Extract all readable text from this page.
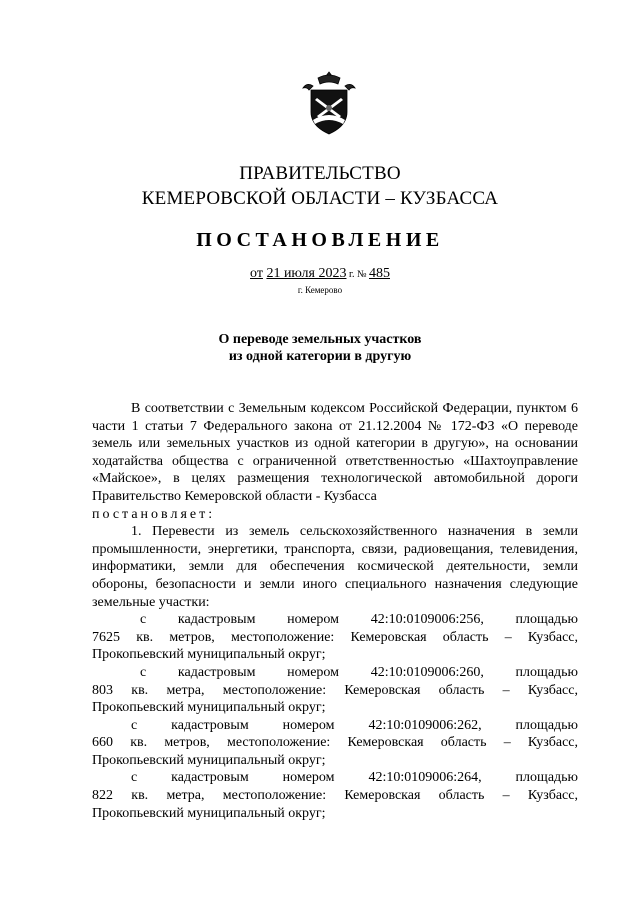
ПРАВИТЕЛЬСТВО
КЕМЕРОВСКОЙ ОБЛАСТИ – КУЗБАССА
ПОСТАНОВЛЕНИЕ
от 21 июля 2023 г. № 485
г. Кемерово
О переводе земельных участков
из одной категории в другую

В соответствии с Земельным кодексом Российской Федерации, пунктом 6 части 1 статьи 7 Федерального закона от 21.12.2004 № 172-ФЗ «О переводе земель или земельных участков из одной категории в другую», на основании ходатайства общества с ограниченной ответственностью «Шахтоуправление «Майское», в целях размещения технологической автомобильной дороги Правительство Кемеровской области - Кузбасса

постановляет:

1. Перевести из земель сельскохозяйственного назначения в земли промышленности, энергетики, транспорта, связи, радиовещания, телевидения, информатики, земли для обеспечения космической деятельности, земли обороны, безопасности и земли иного специального назначения следующие земельные участки:

с кадастровым номером 42:10:0109006:256, площадью
7625 кв. метров, местоположение: Кемеровская область – Кузбасс,
Прокопьевский муниципальный округ;
с кадастровым номером 42:10:0109006:260, площадью
803 кв. метра, местоположение: Кемеровская область – Кузбасс,
Прокопьевский муниципальный округ;
с кадастровым номером 42:10:0109006:262, площадью
660 кв. метров, местоположение: Кемеровская область – Кузбасс,
Прокопьевский муниципальный округ;
с кадастровым номером 42:10:0109006:264, площадью
822 кв. метра, местоположение: Кемеровская область – Кузбасс,
Прокопьевский муниципальный округ;
